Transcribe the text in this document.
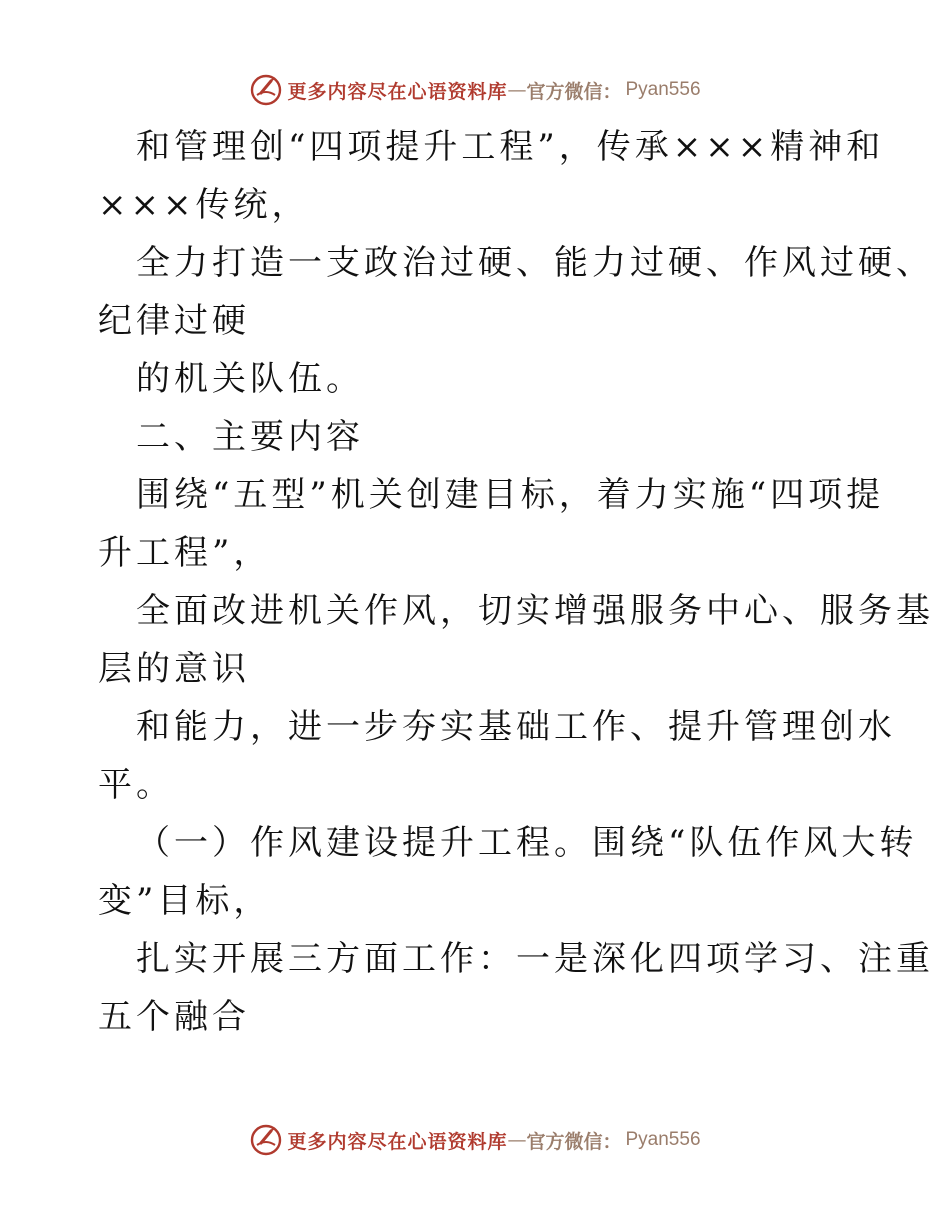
更多内容尽在心语资料库 — 官方微信： Pyan556
和管理创“四项提升工程”，传承×××精神和
×××传统，
全力打造一支政治过硬、能力过硬、作风过硬、
纪律过硬
的机关队伍。
二、主要内容
围绕“五型”机关创建目标，着力实施“四项提
升工程”，
全面改进机关作风，切实增强服务中心、服务基
层的意识
和能力，进一步夯实基础工作、提升管理创水
平。
（一）作风建设提升工程。围绕“队伍作风大转
变”目标，
扎实开展三方面工作：一是深化四项学习、注重
五个融合
更多内容尽在心语资料库 — 官方微信： Pyan556
